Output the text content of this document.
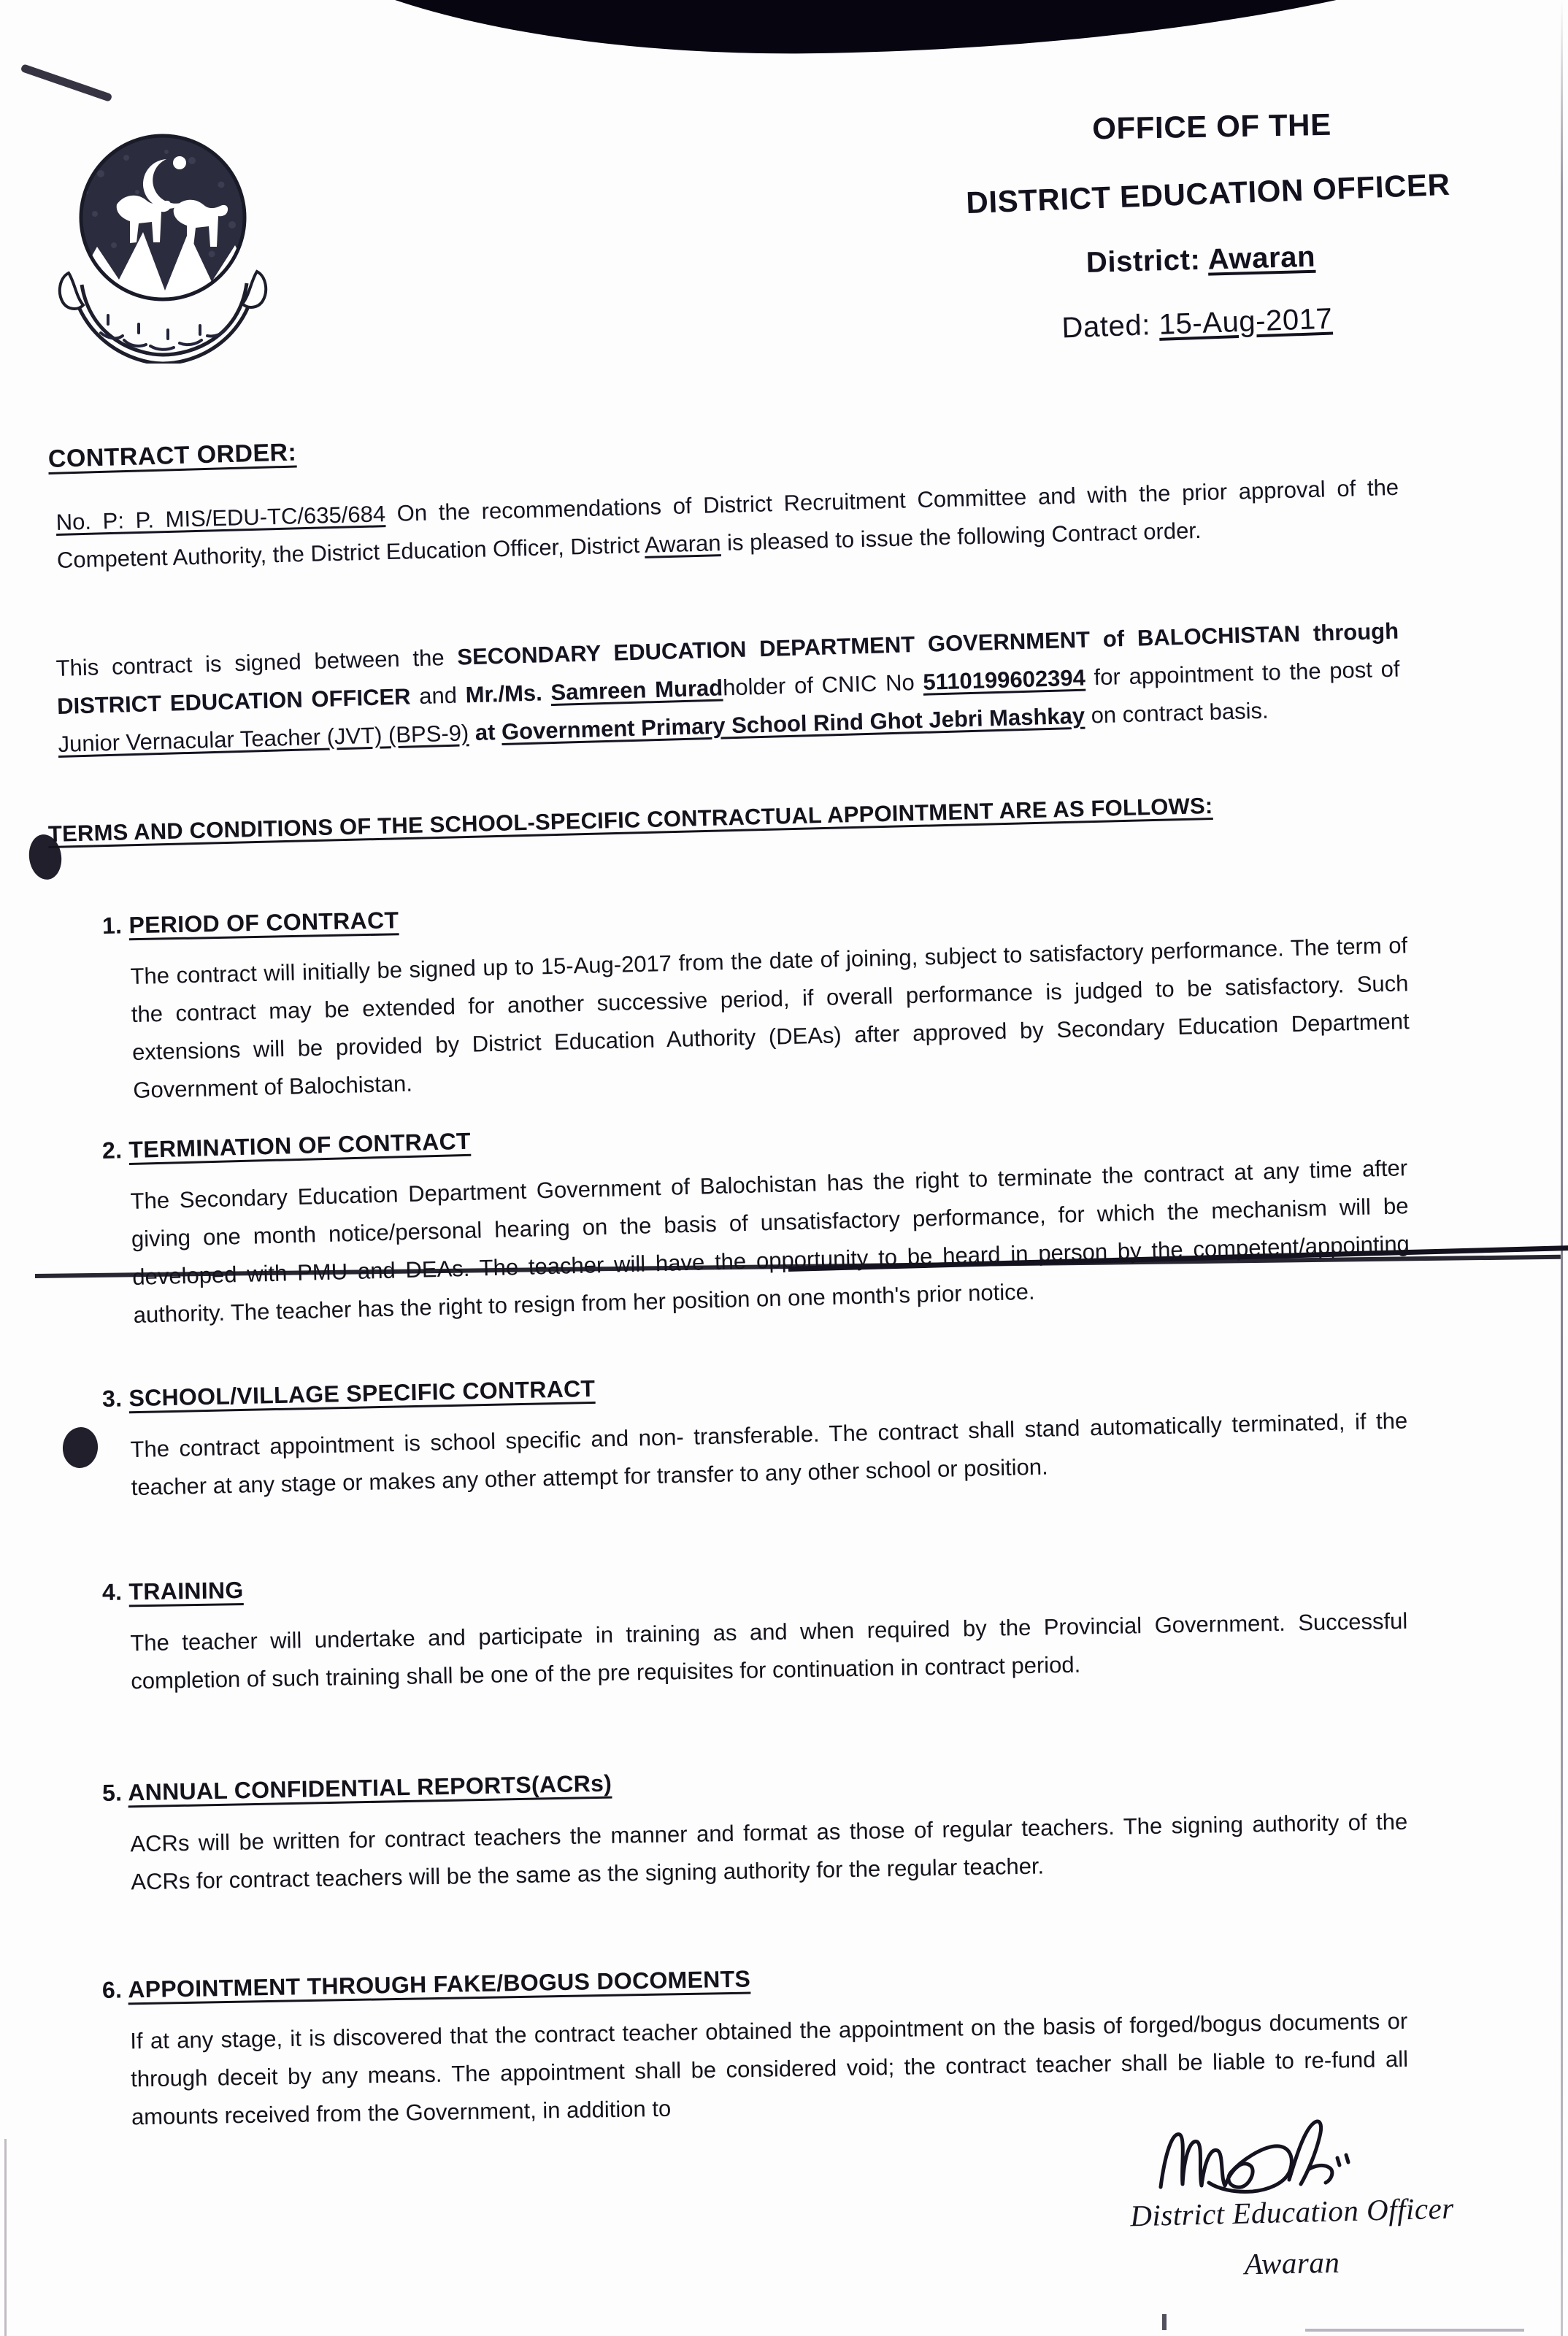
OFFICE OF THE
DISTRICT EDUCATION OFFICER
District: Awaran
Dated: 15-Aug-2017
CONTRACT ORDER:
No. P: P. MIS/EDU-TC/635/684 On the recommendations of District Recruitment Committee and with the prior approval of the Competent Authority, the District Education Officer, District Awaran is pleased to issue the following Contract order.
This contract is signed between the SECONDARY EDUCATION DEPARTMENT GOVERNMENT of BALOCHISTAN through DISTRICT EDUCATION OFFICER and Mr./Ms. Samreen Muradholder of CNIC No 5110199602394 for appointment to the post of Junior Vernacular Teacher (JVT) (BPS-9) at Government Primary School Rind Ghot Jebri Mashkay on contract basis.
TERMS AND CONDITIONS OF THE SCHOOL-SPECIFIC CONTRACTUAL APPOINTMENT ARE AS FOLLOWS:
1. PERIOD OF CONTRACT
The contract will initially be signed up to 15-Aug-2017 from the date of joining, subject to satisfactory performance. The term of the contract may be extended for another successive period, if overall performance is judged to be satisfactory. Such extensions will be provided by District Education Authority (DEAs) after approved by Secondary Education Department Government of Balochistan.
2. TERMINATION OF CONTRACT
The Secondary Education Department Government of Balochistan has the right to terminate the contract at any time after giving one month notice/personal hearing on the basis of unsatisfactory performance, for which the mechanism will be developed with PMU and DEAs. The teacher will have the opportunity to be heard in person by the competent/appointing authority. The teacher has the right to resign from her position on one month's prior notice.
3. SCHOOL/VILLAGE SPECIFIC CONTRACT
The contract appointment is school specific and non- transferable. The contract shall stand automatically terminated, if the teacher at any stage or makes any other attempt for transfer to any other school or position.
4. TRAINING
The teacher will undertake and participate in training as and when required by the Provincial Government. Successful completion of such training shall be one of the pre requisites for continuation in contract period.
5. ANNUAL CONFIDENTIAL REPORTS(ACRs)
ACRs will be written for contract teachers the manner and format as those of regular teachers. The signing authority of the ACRs for contract teachers will be the same as the signing authority for the regular teacher.
6. APPOINTMENT THROUGH FAKE/BOGUS DOCOMENTS
If at any stage, it is discovered that the contract teacher obtained the appointment on the basis of forged/bogus documents or through deceit by any means. The appointment shall be considered void; the contract teacher shall be liable to re-fund all amounts received from the Government, in addition to
District Education Officer
Awaran
